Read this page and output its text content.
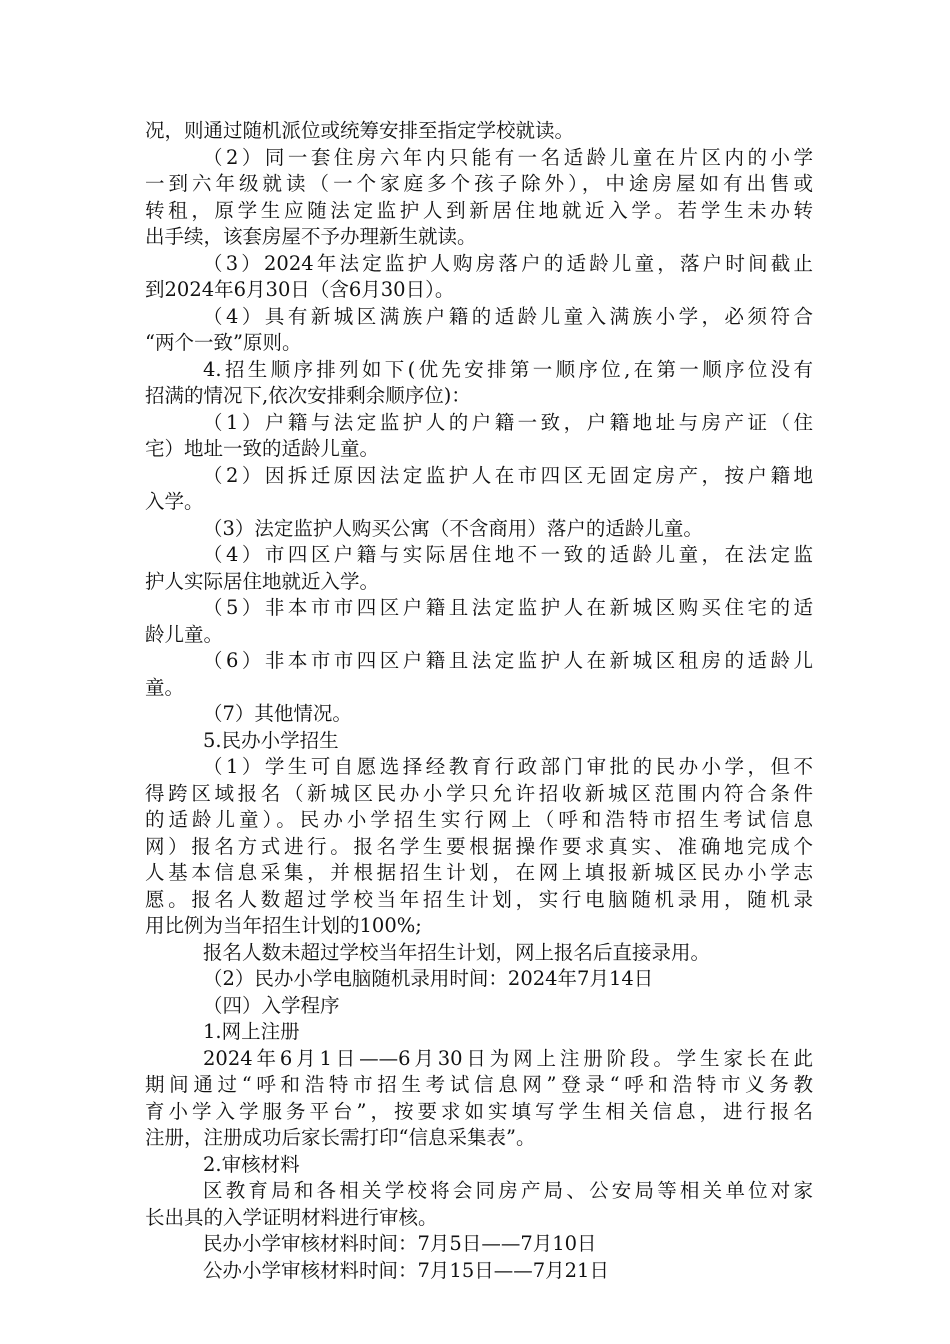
况，则通过随机派位或统筹安排至指定学校就读。
（2）同一套住房六年内只能有一名适龄儿童在片区内的小学
一到六年级就读（一个家庭多个孩子除外），中途房屋如有出售或
转租，原学生应随法定监护人到新居住地就近入学。若学生未办转
出手续，该套房屋不予办理新生就读。
（3）2024年法定监护人购房落户的适龄儿童，落户时间截止
到2024年6月30日（含6月30日）。
（4）具有新城区满族户籍的适龄儿童入满族小学，必须符合
“两个一致”原则。
4.招生顺序排列如下(优先安排第一顺序位,在第一顺序位没有
招满的情况下,依次安排剩余顺序位)：
（1）户籍与法定监护人的户籍一致，户籍地址与房产证（住
宅）地址一致的适龄儿童。
（2）因拆迁原因法定监护人在市四区无固定房产，按户籍地
入学。
（3）法定监护人购买公寓（不含商用）落户的适龄儿童。
（4）市四区户籍与实际居住地不一致的适龄儿童，在法定监
护人实际居住地就近入学。
（5）非本市市四区户籍且法定监护人在新城区购买住宅的适
龄儿童。
（6）非本市市四区户籍且法定监护人在新城区租房的适龄儿
童。
（7）其他情况。
5.民办小学招生
（1）学生可自愿选择经教育行政部门审批的民办小学，但不
得跨区域报名（新城区民办小学只允许招收新城区范围内符合条件
的适龄儿童）。民办小学招生实行网上（呼和浩特市招生考试信息
网）报名方式进行。报名学生要根据操作要求真实、准确地完成个
人基本信息采集，并根据招生计划，在网上填报新城区民办小学志
愿。报名人数超过学校当年招生计划，实行电脑随机录用，随机录
用比例为当年招生计划的100%;
报名人数未超过学校当年招生计划，网上报名后直接录用。
（2）民办小学电脑随机录用时间：2024年7月14日
（四）入学程序
1.网上注册
2024年6月1日——6月30日为网上注册阶段。学生家长在此
期间通过“呼和浩特市招生考试信息网”登录“呼和浩特市义务教
育小学入学服务平台”，按要求如实填写学生相关信息，进行报名
注册，注册成功后家长需打印“信息采集表”。
2.审核材料
区教育局和各相关学校将会同房产局、公安局等相关单位对家
长出具的入学证明材料进行审核。
民办小学审核材料时间：7月5日——7月10日
公办小学审核材料时间：7月15日——7月21日
